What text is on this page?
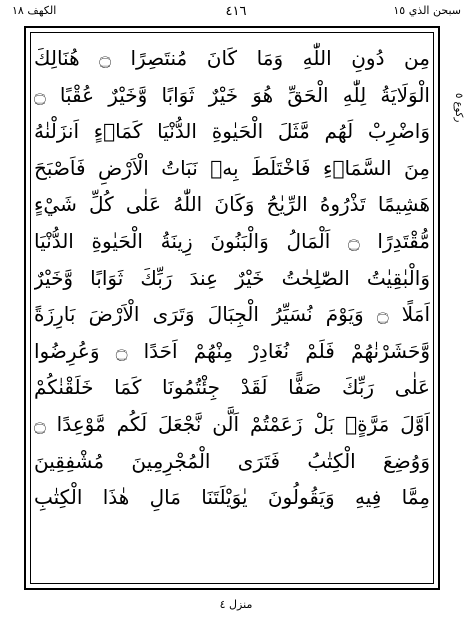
الكهف ١٨	٤١٦	سبحن الذي ١٥
ركوع ٥
مِن دُونِ اللّٰهِ وَمَا كَانَ مُنتَصِرًا ۝ هُنَالِكَ
الْوَلَايَةُ لِلّٰهِ الْحَقِّ هُوَ خَيْرٌ ثَوَابًا وَّخَيْرٌ عُقْبًا ۝
وَاضْرِبْ لَهُم مَّثَلَ الْحَيٰوةِ الدُّنْيَا كَمَاۤءٍ اَنزَلْنٰهُ
مِنَ السَّمَاۤءِ فَاخْتَلَطَ بِهٖ نَبَاتُ الْاَرْضِ فَاَصْبَحَ
هَشِيمًا تَذْرُوهُ الرِّيٰحُ وَكَانَ اللّٰهُ عَلٰى كُلِّ شَيْءٍ
مُّقْتَدِرًا ۝ اَلْمَالُ وَالْبَنُونَ زِينَةُ الْحَيٰوةِ الدُّنْيَا
وَالْبٰقِيٰتُ الصّٰلِحٰتُ خَيْرٌ عِندَ رَبِّكَ ثَوَابًا وَّخَيْرٌ
اَمَلًا ۝ وَيَوْمَ نُسَيِّرُ الْجِبَالَ وَتَرَى الْاَرْضَ بَارِزَةً
وَّحَشَرْنٰهُمْ فَلَمْ نُغَادِرْ مِنْهُمْ اَحَدًا ۝ وَعُرِضُوا
عَلٰى رَبِّكَ صَفًّا لَقَدْ جِئْتُمُونَا كَمَا خَلَقْنٰكُمْ
اَوَّلَ مَرَّةٍۭ بَلْ زَعَمْتُمْ اَلَّن نَّجْعَلَ لَكُم مَّوْعِدًا ۝
وَوُضِعَ الْكِتٰبُ فَتَرَى الْمُجْرِمِينَ مُشْفِقِينَ
مِمَّا فِيهِ وَيَقُولُونَ يٰوَيْلَتَنَا مَالِ هٰذَا الْكِتٰبِ
منزل ٤
